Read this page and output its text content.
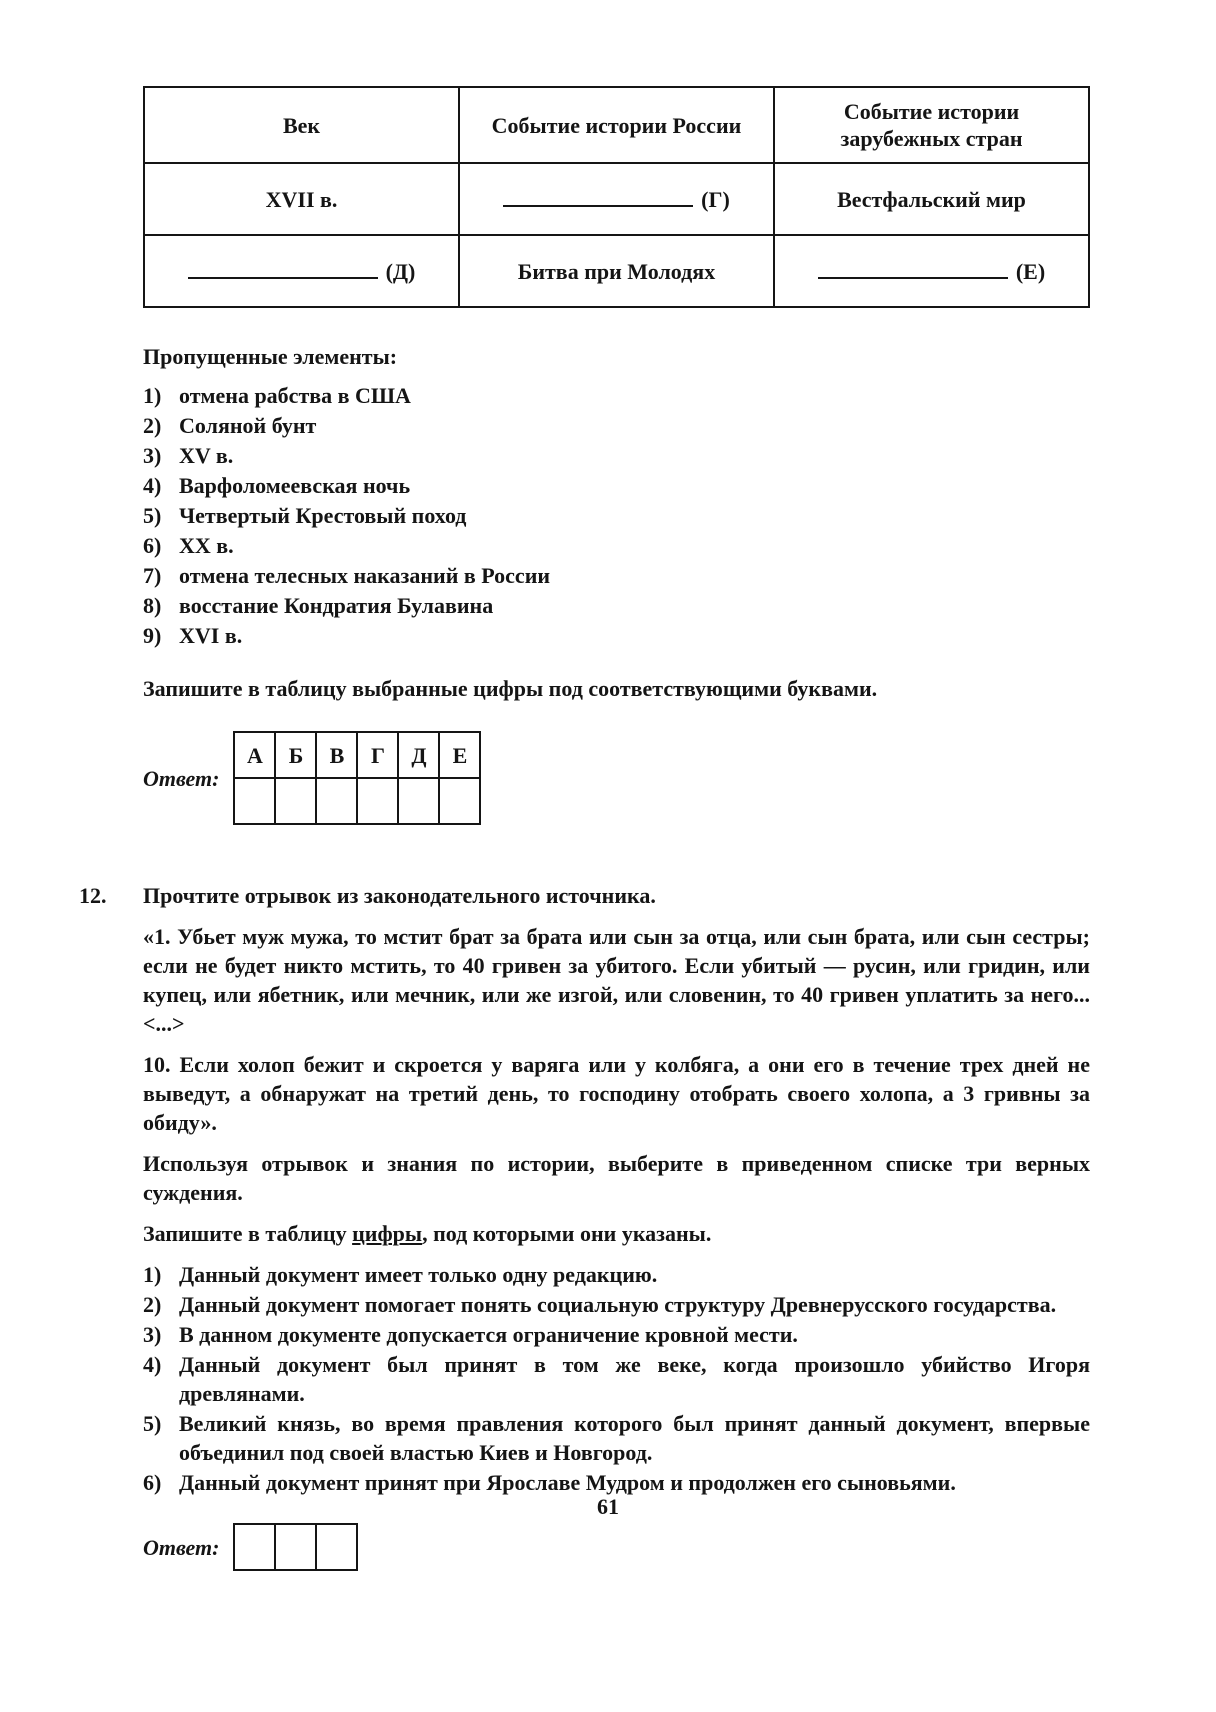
Век	Событие истории России	Событие истории зарубежных стран
XVII в.	(Г)	Вестфальский мир
(Д)	Битва при Молодях	(Е)

Пропущенные элементы:

1) отмена рабства в США
2) Соляной бунт
3) XV в.
4) Варфоломеевская ночь
5) Четвертый Крестовый поход
6) XX в.
7) отмена телесных наказаний в России
8) восстание Кондратия Булавина
9) XVI в.

Запишите в таблицу выбранные цифры под соответствующими буквами.

Ответ:
А	Б	В	Г	Д	Е

12. Прочтите отрывок из законодательного источника.

«1. Убьет муж мужа, то мстит брат за брата или сын за отца, или сын брата, или сын сестры; если не будет никто мстить, то 40 гривен за убитого. Если убитый — русин, или гридин, или купец, или ябетник, или мечник, или же изгой, или словенин, то 40 гривен уплатить за него... <...>

10. Если холоп бежит и скроется у варяга или у колбяга, а они его в течение трех дней не выведут, а обнаружат на третий день, то господину отобрать своего холопа, а 3 гривны за обиду».

Используя отрывок и знания по истории, выберите в приведенном списке три верных суждения.

Запишите в таблицу цифры, под которыми они указаны.

1) Данный документ имеет только одну редакцию.
2) Данный документ помогает понять социальную структуру Древнерусского государства.
3) В данном документе допускается ограничение кровной мести.
4) Данный документ был принят в том же веке, когда произошло убийство Игоря древлянами.
5) Великий князь, во время правления которого был принят данный документ, впервые объединил под своей властью Киев и Новгород.
6) Данный документ принят при Ярославе Мудром и продолжен его сыновьями.
Ответ:

61
